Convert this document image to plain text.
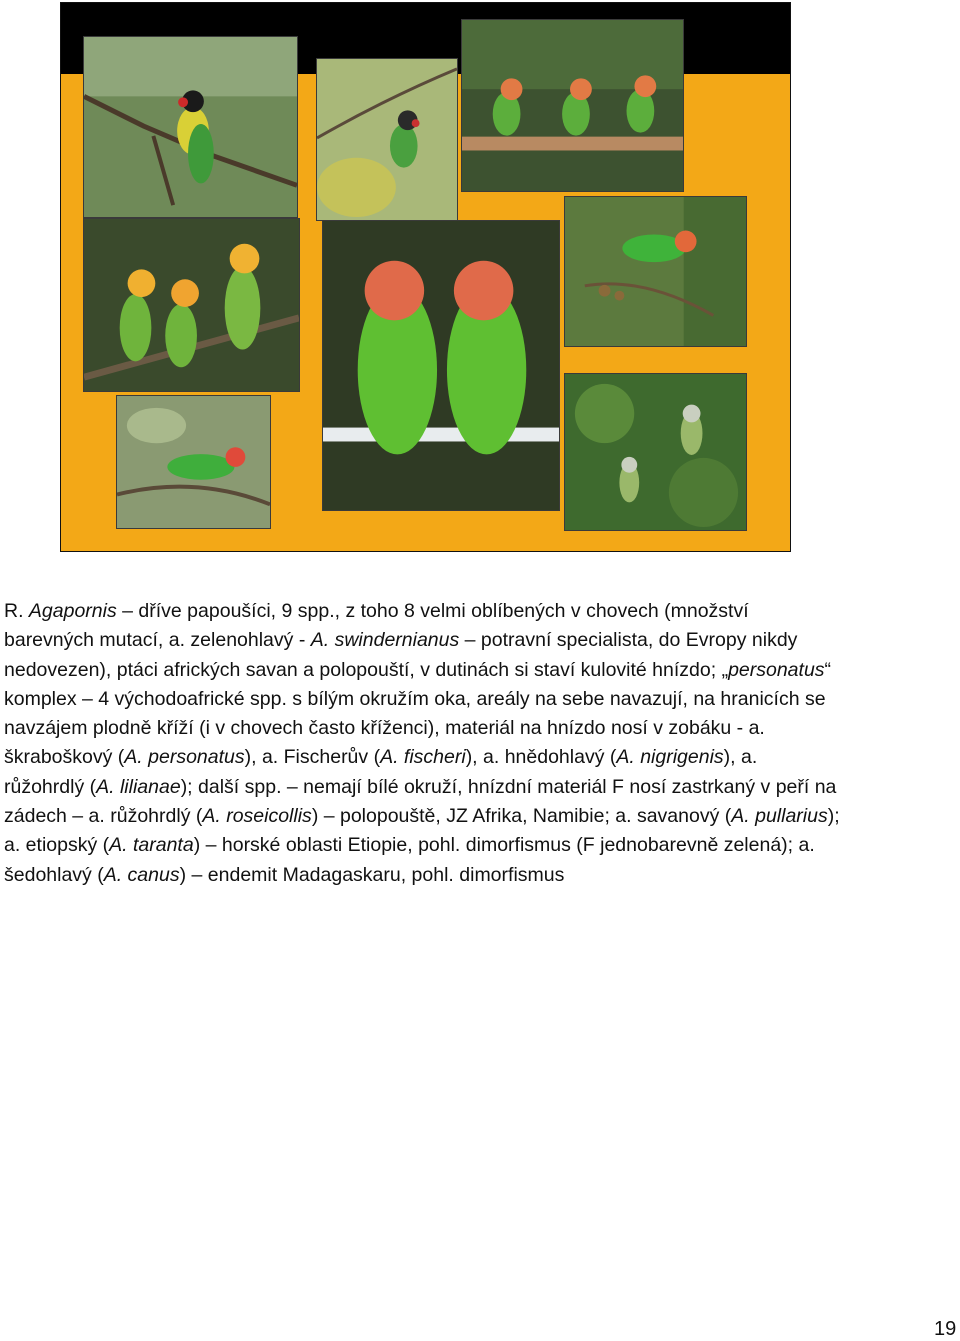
R. Agapornis – dříve papoušíci, 9 spp., z toho 8 velmi oblíbených v chovech (množství barevných mutací, a. zelenohlavý - A. swindernianus – potravní specialista, do Evropy nikdy nedovezen), ptáci afrických savan a polopouští, v dutinách si staví kulovité hnízdo; „personatus“ komplex – 4 východoafrické spp. s bílým okružím oka, areály na sebe navazují, na hranicích se navzájem plodně kříží (i v chovech často kříženci), materiál na hnízdo nosí v zobáku - a. škraboškový (A. personatus), a. Fischerův (A. fischeri), a. hnědohlavý (A. nigrigenis), a. růžohrdlý (A. lilianae); další spp. – nemají bílé okruží, hnízdní materiál F nosí zastrkaný v peří na zádech – a. růžohrdlý (A. roseicollis) – polopouště, JZ Afrika, Namibie; a. savanový (A. pullarius); a. etiopský (A. taranta) – horské oblasti Etiopie, pohl. dimorfismus (F jednobarevně zelená); a. šedohlavý (A. canus) – endemit Madagaskaru, pohl. dimorfismus

19
